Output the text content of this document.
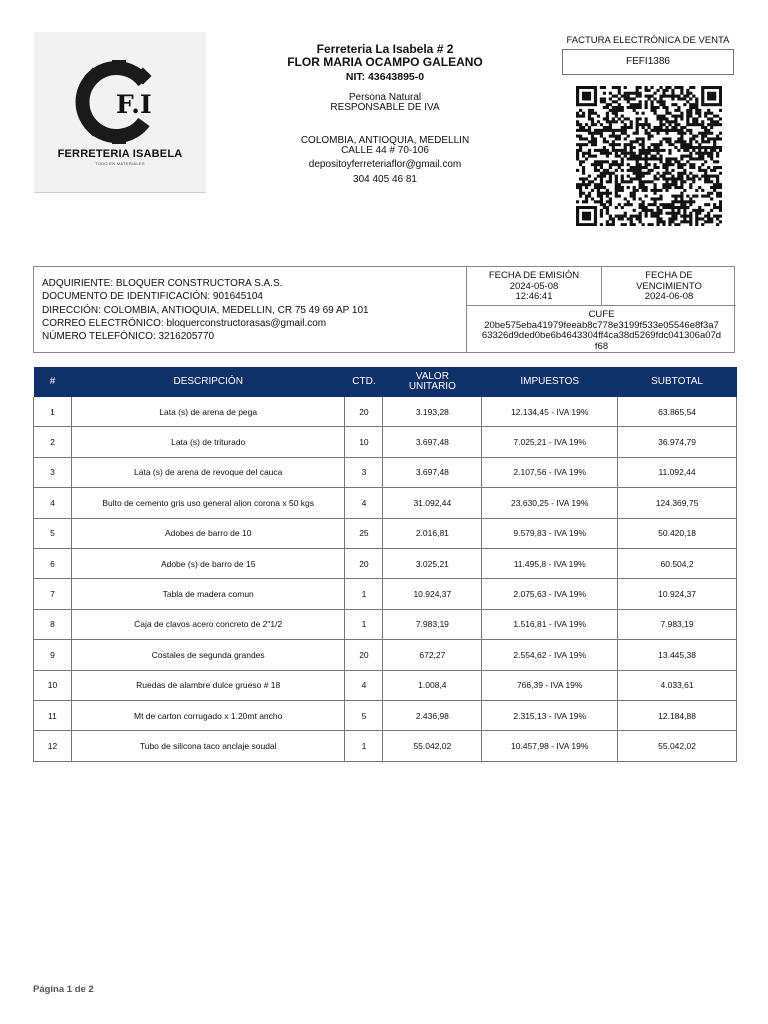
F.I
FERRETERIA ISABELA
TODO EN MATERIALES
Ferreteria La Isabela # 2
FLOR MARIA OCAMPO GALEANO
NIT: 43643895-0
Persona Natural
RESPONSABLE DE IVA
COLOMBIA, ANTIOQUIA, MEDELLIN
CALLE 44 # 70-106
depositoyferreteriaflor@gmail.com
304 405 46 81
FACTURA ELECTRÓNICA DE VENTA
FEFI1386
ADQUIRIENTE: BLOQUER CONSTRUCTORA S.A.S.
DOCUMENTO DE IDENTIFICACIÓN: 901645104
DIRECCIÓN: COLOMBIA, ANTIOQUIA, MEDELLIN, CR 75 49 69 AP 101
CORREO ELECTRÓNICO: bloquerconstructorasas@gmail.com
NÚMERO TELEFÓNICO: 3216205770
FECHA DE EMISIÓN
2024-05-08
12:46:41
FECHA DE
VENCIMIENTO
2024-06-08
CUFE
20be575eba41979feeab8c778e3199f533e05546e8f3a7
63326d9ded0be6b4643304ff4ca38d5269fdc041306a07d
f68
#	DESCRIPCIÓN	CTD.	VALOR
UNITARIO	IMPUESTOS	SUBTOTAL
1	Lata (s) de arena de pega	20	3.193,28	12.134,45 - IVA 19%	63.865,54
2	Lata (s) de triturado	10	3.697,48	7.025,21 - IVA 19%	36.974,79
3	Lata (s) de arena de revoque del cauca	3	3.697,48	2.107,56 - IVA 19%	11.092,44
4	Bulto de cemento gris uso general alion corona x 50 kgs	4	31.092,44	23.630,25 - IVA 19%	124.369,75
5	Adobes de barro de 10	25	2.016,81	9.579,83 - IVA 19%	50.420,18
6	Adobe (s) de barro de 15	20	3.025,21	11.495,8 - IVA 19%	60.504,2
7	Tabla de madera comun	1	10.924,37	2.075,63 - IVA 19%	10.924,37
8	Caja de clavos acero concreto de 2"1/2	1	7.983,19	1.516,81 - IVA 19%	7.983,19
9	Costales de segunda grandes	20	672,27	2.554,62 - IVA 19%	13.445,38
10	Ruedas de alambre dulce grueso # 18	4	1.008,4	766,39 - IVA 19%	4.033,61
11	Mt de carton corrugado x 1.20mt ancho	5	2.436,98	2.315,13 - IVA 19%	12.184,88
12	Tubo de silicona taco anclaje soudal	1	55.042,02	10.457,98 - IVA 19%	55.042,02
Página 1 de 2
